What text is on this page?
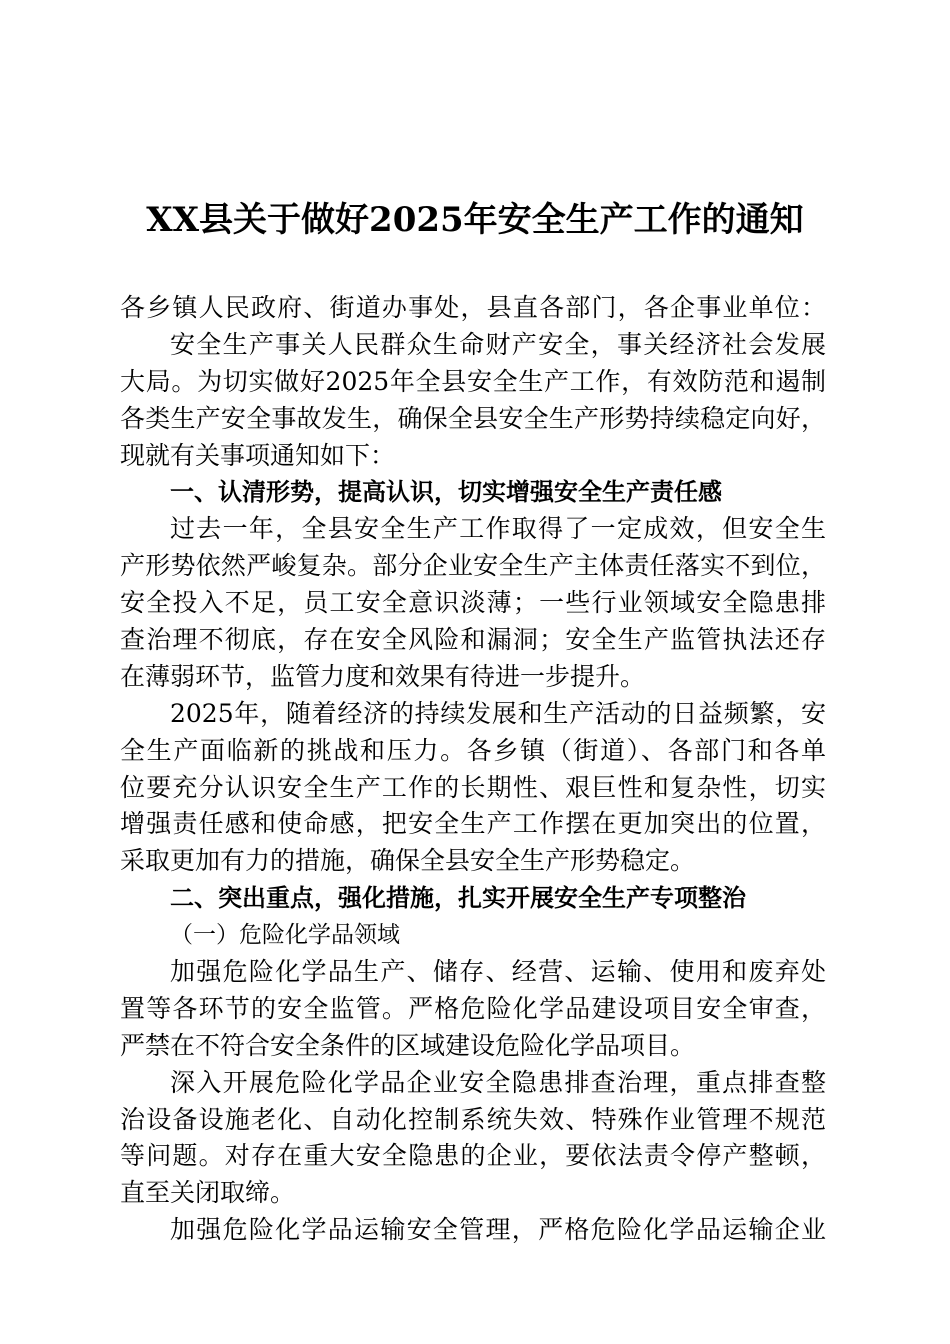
XX县关于做好2025年安全生产工作的通知
各乡镇人民政府、街道办事处，县直各部门，各企事业单位：
安全生产事关人民群众生命财产安全，事关经济社会发展
大局。为切实做好2025年全县安全生产工作，有效防范和遏制
各类生产安全事故发生，确保全县安全生产形势持续稳定向好，
现就有关事项通知如下：
一、认清形势，提高认识，切实增强安全生产责任感
过去一年，全县安全生产工作取得了一定成效，但安全生
产形势依然严峻复杂。部分企业安全生产主体责任落实不到位，
安全投入不足，员工安全意识淡薄；一些行业领域安全隐患排
查治理不彻底，存在安全风险和漏洞；安全生产监管执法还存
在薄弱环节，监管力度和效果有待进一步提升。
2025年，随着经济的持续发展和生产活动的日益频繁，安
全生产面临新的挑战和压力。各乡镇（街道）、各部门和各单
位要充分认识安全生产工作的长期性、艰巨性和复杂性，切实
增强责任感和使命感，把安全生产工作摆在更加突出的位置，
采取更加有力的措施，确保全县安全生产形势稳定。
二、突出重点，强化措施，扎实开展安全生产专项整治
（一）危险化学品领域
加强危险化学品生产、储存、经营、运输、使用和废弃处
置等各环节的安全监管。严格危险化学品建设项目安全审查，
严禁在不符合安全条件的区域建设危险化学品项目。
深入开展危险化学品企业安全隐患排查治理，重点排查整
治设备设施老化、自动化控制系统失效、特殊作业管理不规范
等问题。对存在重大安全隐患的企业，要依法责令停产整顿，
直至关闭取缔。
加强危险化学品运输安全管理，严格危险化学品运输企业
